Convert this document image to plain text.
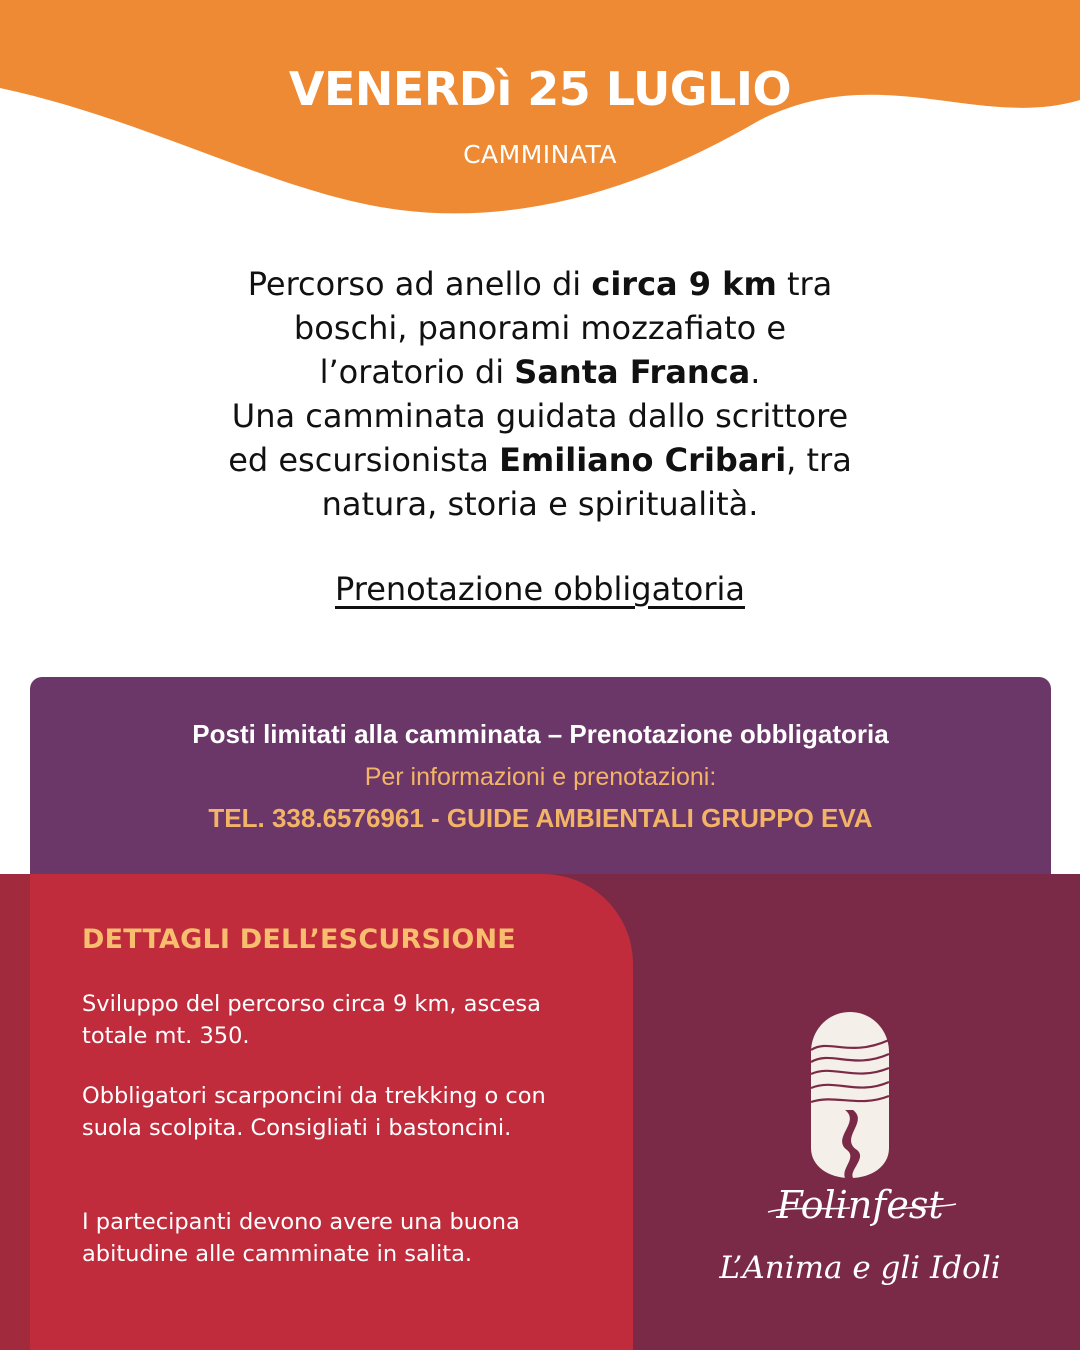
VENERDì 25 LUGLIO
CAMMINATA
Percorso ad anello di circa 9 km tra
boschi, panorami mozzafiato e
l’oratorio di Santa Franca.
Una camminata guidata dallo scrittore
ed escursionista Emiliano Cribari, tra
natura, storia e spiritualità.
Prenotazione obbligatoria
Posti limitati alla camminata – Prenotazione obbligatoria
Per informazioni e prenotazioni:
TEL. 338.6576961 - GUIDE AMBIENTALI GRUPPO EVA
DETTAGLI DELL’ESCURSIONE
Sviluppo del percorso circa 9 km, ascesa totale mt. 350.
Obbligatori scarponcini da trekking o con suola scolpita. Consigliati i bastoncini.
I partecipanti devono avere una buona abitudine alle camminate in salita.
Folinfest
L’Anima e gli Idoli
